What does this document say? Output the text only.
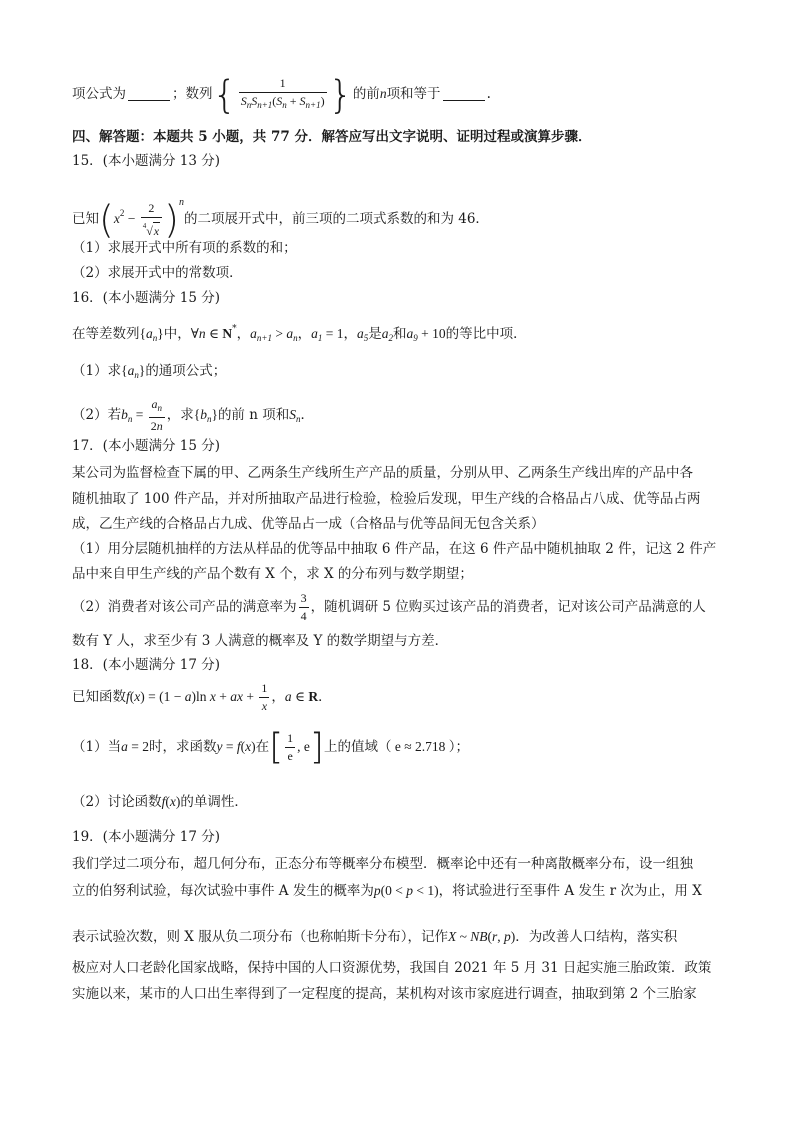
项公式为	；数列{ $\frac{1}{S_nS_{n+1}(S_n + S_{n+1})}$ }的前n项和等于	.
四、解答题：本题共 5 小题，共 77 分．解答应写出文字说明、证明过程或演算步骤．
15．(本小题满分 13 分)
已知$(x^2 - \frac{2}{^4√x} )^n$的二项展开式中，前三项的二项式系数的和为 46．
（1）求展开式中所有项的系数的和；
（2）求展开式中的常数项．
16．(本小题满分 15 分)
在等差数列$\{a_n\}$中，∀n ∈ N*，$a_{n+1} > a_n$，$a_1 = 1$，$a_5$是$a_2$和$a_9 + 10$的等比中项．
（1）求$\{a_n\}$的通项公式；
（2）若$b_n = \frac{a_n}{2n}$ ，求$\{b_n\}$的前 n 项和$S_n$．
17．(本小题满分 15 分)
某公司为监督检查下属的甲、乙两条生产线所生产产品的质量，分别从甲、乙两条生产线出库的产品中各
随机抽取了 100 件产品，并对所抽取产品进行检验，检验后发现，甲生产线的合格品占八成、优等品占两
成，乙生产线的合格品占九成、优等品占一成（合格品与优等品间无包含关系）
（1）用分层随机抽样的方法从样品的优等品中抽取 6 件产品，在这 6 件产品中随机抽取 2 件，记这 2 件产
品中来自甲生产线的产品个数有 X 个，求 X 的分布列与数学期望；
（2）消费者对该公司产品的满意率为 $\frac{3}{4}$ ，随机调研 5 位购买过该产品的消费者，记对该公司产品满意的人
数有 Y 人，求至少有 3 人满意的概率及 Y 的数学期望与方差．
18．(本小题满分 17 分)
已知函数f(x) = (1 − a)ln x + ax + $\frac{1}{x}$ ，a ∈ R．
（1）当a = 2时，求函数y = f(x)在[ $\frac{1}{e}$ , e]上的值域（ e ≈ 2.718 ）；
（2）讨论函数f(x)的单调性．
19．(本小题满分 17 分)
我们学过二项分布，超几何分布，正态分布等概率分布模型．概率论中还有一种离散概率分布，设一组独
立的伯努利试验，每次试验中事件 A 发生的概率为p(0 < p < 1)，将试验进行至事件 A 发生 r 次为止，用 X
表示试验次数，则 X 服从负二项分布（也称帕斯卡分布），记作X ~ NB(r, p)．为改善人口结构，落实积
极应对人口老龄化国家战略，保持中国的人口资源优势，我国自 2021 年 5 月 31 日起实施三胎政策．政策
实施以来，某市的人口出生率得到了一定程度的提高，某机构对该市家庭进行调查，抽取到第 2 个三胎家
